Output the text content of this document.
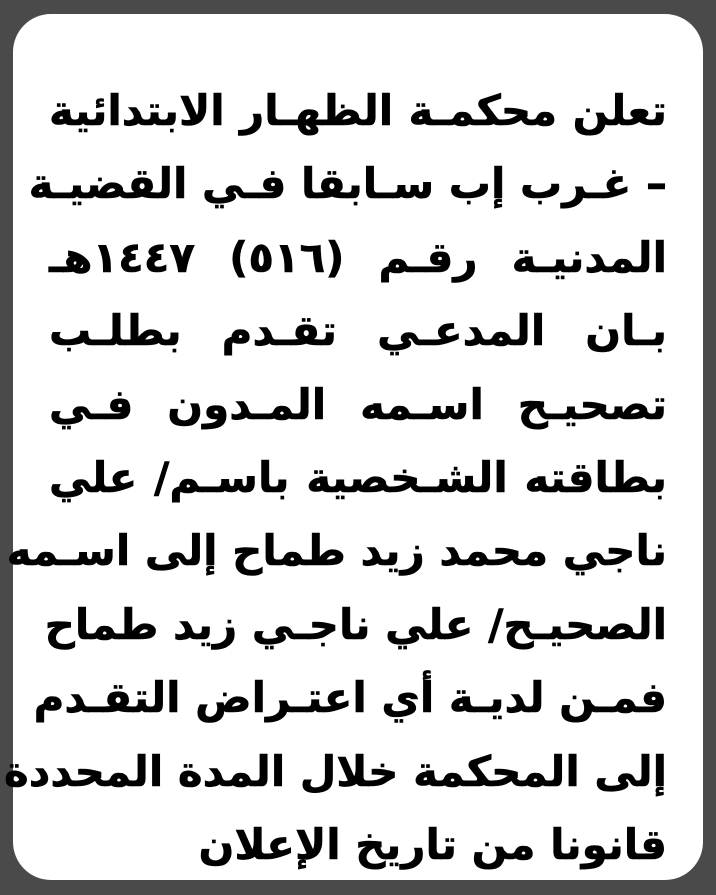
تعلن محكمـة الظهـار الابتدائية
– غـرب إب سـابقا فـي القضيـة
المدنيـة رقـم (٥١٦) ١٤٤٧هـ
بـان المدعـي تقـدم بطلـب
تصحيـح اسـمه المـدون فـي
بطاقته الشـخصية باسـم/ علي
ناجي محمد زيد طماح إلى اسـمه
الصحيـح/ علي ناجـي زيد طماح
فمـن لديـة أي اعتـراض التقـدم
إلى المحكمة خلال المدة المحددة
قانونا من تاريخ الإعلان
